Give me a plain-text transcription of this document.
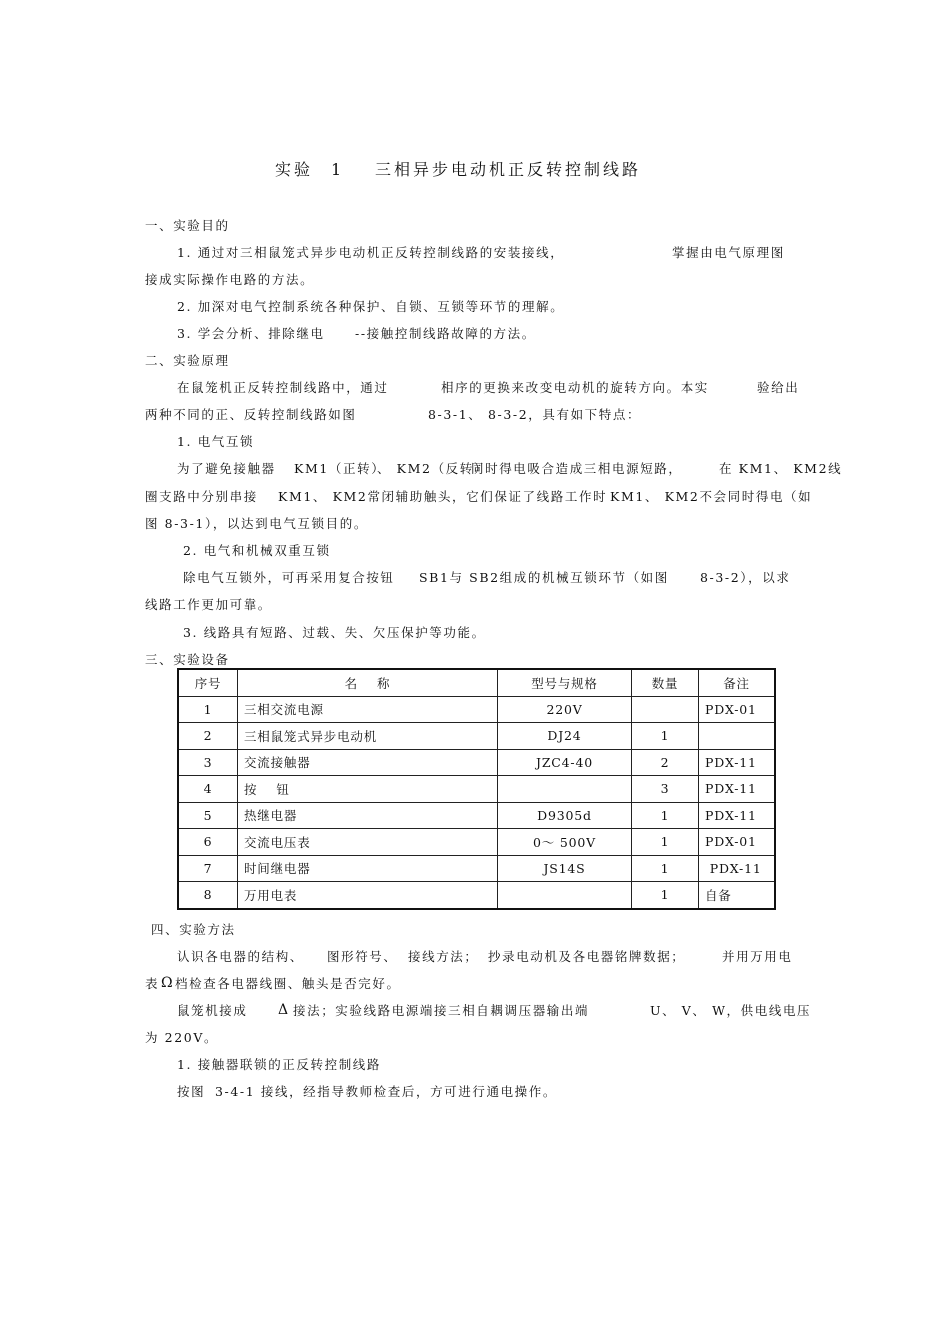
实验 1 三相异步电动机正反转控制线路
一、实验目的
1. 通过对三相鼠笼式异步电动机正反转控制线路的安装接线，	掌握由电气原理图
接成实际操作电路的方法。
2. 加深对电气控制系统各种保护、自锁、互锁等环节的理解。
3. 学会分析、排除继电 --接触控制线路故障的方法。
二、实验原理
在鼠笼机正反转控制线路中，通过	相序的更换来改变电动机的旋转方向。本实	验给出
两种不同的正、反转控制线路如图	8-3-1、 8-3-2，具有如下特点：
1. 电气互锁
为了避免接触器 KM1（正转）
、 KM2（反转）
同时得电吸合造成三相电源短路，	在 KM1、 KM2线
圈支路中分别串接 KM1、 KM2常闭辅助触头，它们保证了线路工作时 KM1、 KM2不会同时得电（如
图 8-3-1），以达到电气互锁目的。
2. 电气和机械双重互锁
除电气互锁外，可再采用复合按钮 SB1与 SB2组成的机械互锁环节（如图 8-3-2），以求
线路工作更加可靠。
3. 线路具有短路、过载、失、欠压保护等功能。
三、实验设备
序号	名    称	型号与规格	数量	备注
1	三相交流电源	220V		PDX-01
2	三相鼠笼式异步电动机	DJ24	1	
3	交流接触器	JZC4-40	2	PDX-11
4	按    钮		3	PDX-11
5	热继电器	D9305d	1	PDX-11
6	交流电压表	0～ 500V	1	PDX-01
7	时间继电器	JS14S	1	PDX-11
8	万用电表		1	自备
四、实验方法
认识各电器的结构、 图形符号、 接线方法； 抄录电动机及各电器铭牌数据；	并用万用电
表 Ω 档检查各电器线圈、触头是否完好。
鼠笼机接成 Δ 接法；实验线路电源端接三相自耦调压器输出端	U、 V、 W，供电线电压
为 220V。
1. 接触器联锁的正反转控制线路
按图 3-4-1 接线，经指导教师检查后，方可进行通电操作。
